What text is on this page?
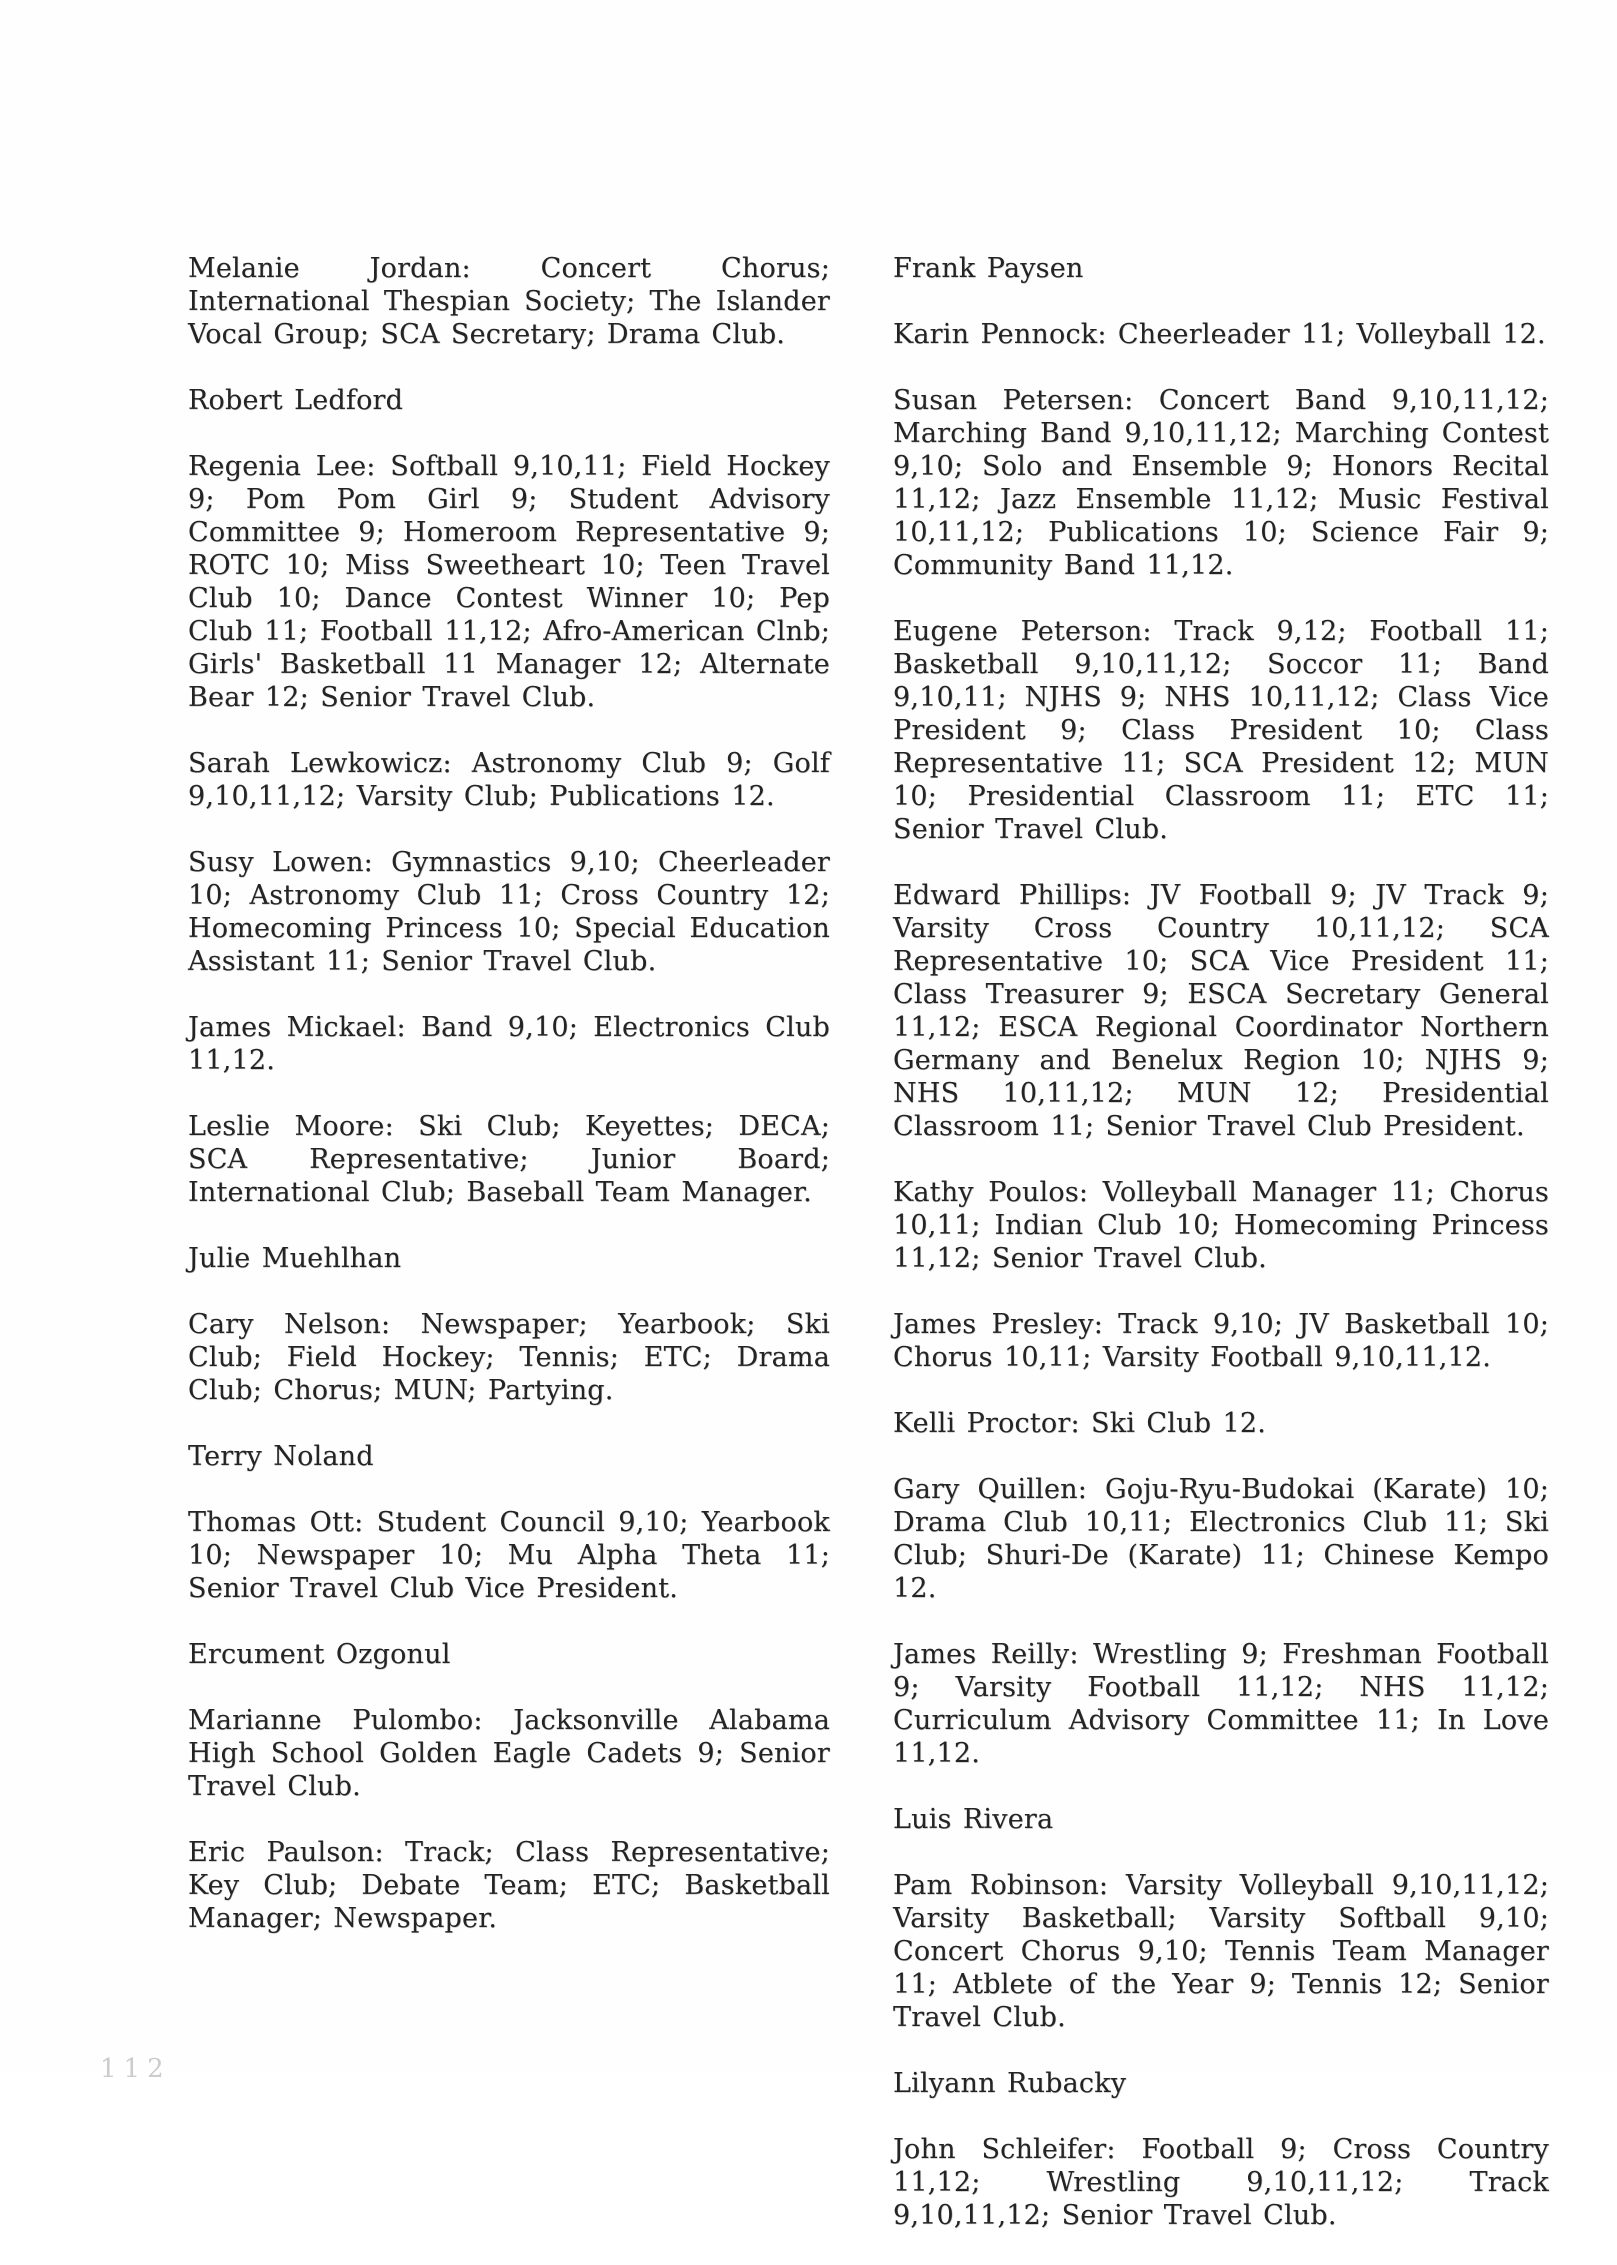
Melanie Jordan: Concert Chorus; International Thespian Society; The Islander Vocal Group; SCA Secretary; Drama Club.

Robert Ledford

Regenia Lee: Softball 9,10,11; Field Hockey 9; Pom Pom Girl 9; Student Advisory Committee 9; Homeroom Representative 9; ROTC 10; Miss Sweetheart 10; Teen Travel Club 10; Dance Contest Winner 10; Pep Club 11; Football 11,12; Afro-American Clnb; Girls' Basketball 11 Manager 12; Alternate Bear 12; Senior Travel Club.

Sarah Lewkowicz: Astronomy Club 9; Golf 9,10,11,12; Varsity Club; Publications 12.

Susy Lowen: Gymnastics 9,10; Cheerleader 10; Astronomy Club 11; Cross Country 12; Homecoming Princess 10; Special Education Assistant 11; Senior Travel Club.

James Mickael: Band 9,10; Electronics Club 11,12.

Leslie Moore: Ski Club; Keyettes; DECA; SCA Representative; Junior Board; International Club; Baseball Team Manager.

Julie Muehlhan

Cary Nelson: Newspaper; Yearbook; Ski Club; Field Hockey; Tennis; ETC; Drama Club; Chorus; MUN; Partying.

Terry Noland

Thomas Ott: Student Council 9,10; Yearbook 10; Newspaper 10; Mu Alpha Theta 11; Senior Travel Club Vice President.

Ercument Ozgonul

Marianne Pulombo: Jacksonville Alabama High School Golden Eagle Cadets 9; Senior Travel Club.

Eric Paulson: Track; Class Representative; Key Club; Debate Team; ETC; Basketball Manager; Newspaper.

Frank Paysen

Karin Pennock: Cheerleader 11; Volleyball 12.

Susan Petersen: Concert Band 9,10,11,12; Marching Band 9,10,11,12; Marching Contest 9,10; Solo and Ensemble 9; Honors Recital 11,12; Jazz Ensemble 11,12; Music Festival 10,11,12; Publications 10; Science Fair 9; Community Band 11,12.

Eugene Peterson: Track 9,12; Football 11; Basketball 9,10,11,12; Soccor 11; Band 9,10,11; NJHS 9; NHS 10,11,12; Class Vice President 9; Class President 10; Class Representative 11; SCA President 12; MUN 10; Presidential Classroom 11; ETC 11; Senior Travel Club.

Edward Phillips: JV Football 9; JV Track 9; Varsity Cross Country 10,11,12; SCA Representative 10; SCA Vice President 11; Class Treasurer 9; ESCA Secretary General 11,12; ESCA Regional Coordinator Northern Germany and Benelux Region 10; NJHS 9; NHS 10,11,12; MUN 12; Presidential Classroom 11; Senior Travel Club President.

Kathy Poulos: Volleyball Manager 11; Chorus 10,11; Indian Club 10; Homecoming Princess 11,12; Senior Travel Club.

James Presley: Track 9,10; JV Basketball 10; Chorus 10,11; Varsity Football 9,10,11,12.

Kelli Proctor: Ski Club 12.

Gary Quillen: Goju-Ryu-Budokai (Karate) 10; Drama Club 10,11; Electronics Club 11; Ski Club; Shuri-De (Karate) 11; Chinese Kempo 12.

James Reilly: Wrestling 9; Freshman Football 9; Varsity Football 11,12; NHS 11,12; Curriculum Advisory Committee 11; In Love 11,12.

Luis Rivera

Pam Robinson: Varsity Volleyball 9,10,11,12; Varsity Basketball; Varsity Softball 9,10; Concert Chorus 9,10; Tennis Team Manager 11; Atblete of the Year 9; Tennis 12; Senior Travel Club.

Lilyann Rubacky

John Schleifer: Football 9; Cross Country 11,12; Wrestling 9,10,11,12; Track 9,10,11,12; Senior Travel Club.

112
